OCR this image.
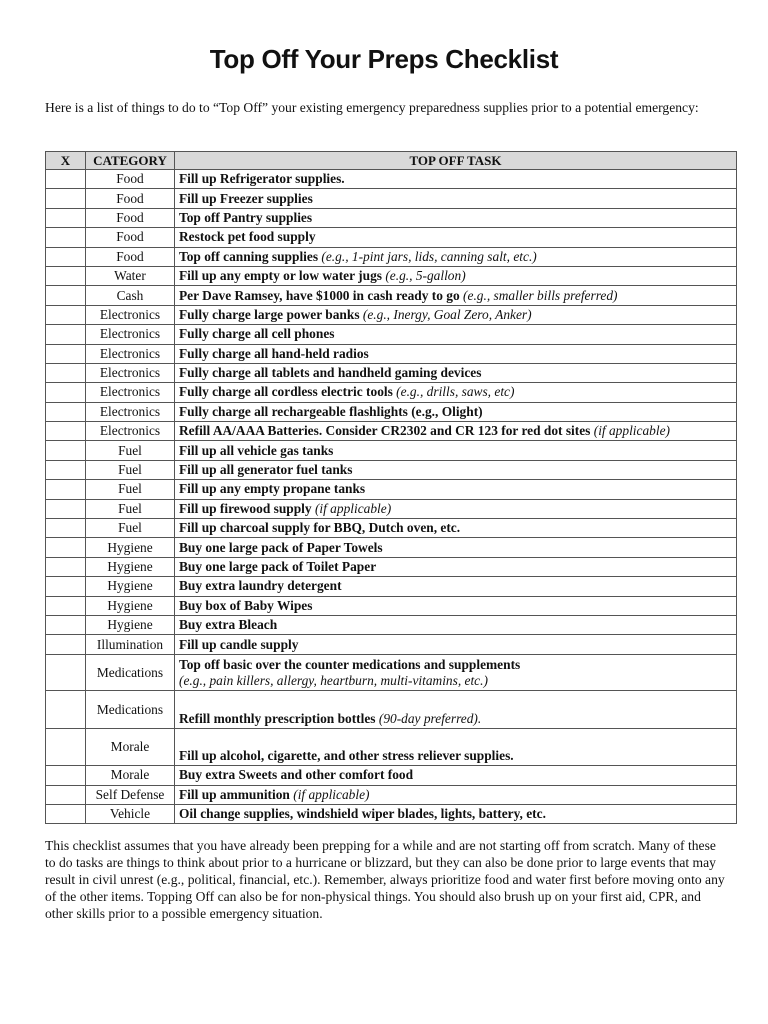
Top Off Your Preps Checklist

Here is a list of things to do to “Top Off” your existing emergency preparedness supplies prior to a potential emergency:

X	CATEGORY	TOP OFF TASK
	Food	Fill up Refrigerator supplies.
	Food	Fill up Freezer supplies
	Food	Top off Pantry supplies
	Food	Restock pet food supply
	Food	Top off canning supplies (e.g., 1-pint jars, lids, canning salt, etc.)
	Water	Fill up any empty or low water jugs (e.g., 5-gallon)
	Cash	Per Dave Ramsey, have $1000 in cash ready to go (e.g., smaller bills preferred)
	Electronics	Fully charge large power banks (e.g., Inergy, Goal Zero, Anker)
	Electronics	Fully charge all cell phones
	Electronics	Fully charge all hand-held radios
	Electronics	Fully charge all tablets and handheld gaming devices
	Electronics	Fully charge all cordless electric tools (e.g., drills, saws, etc)
	Electronics	Fully charge all rechargeable flashlights (e.g., Olight)
	Electronics	Refill AA/AAA Batteries. Consider CR2302 and CR 123 for red dot sites (if applicable)
	Fuel	Fill up all vehicle gas tanks
	Fuel	Fill up all generator fuel tanks
	Fuel	Fill up any empty propane tanks
	Fuel	Fill up firewood supply (if applicable)
	Fuel	Fill up charcoal supply for BBQ, Dutch oven, etc.
	Hygiene	Buy one large pack of Paper Towels
	Hygiene	Buy one large pack of Toilet Paper
	Hygiene	Buy extra laundry detergent
	Hygiene	Buy box of Baby Wipes
	Hygiene	Buy extra Bleach
	Illumination	Fill up candle supply
	Medications	Top off basic over the counter medications and supplements
(e.g., pain killers, allergy, heartburn, multi-vitamins, etc.)
	Medications	Refill monthly prescription bottles (90-day preferred).
	Morale	Fill up alcohol, cigarette, and other stress reliever supplies.
	Morale	Buy extra Sweets and other comfort food
	Self Defense	Fill up ammunition (if applicable)
	Vehicle	Oil change supplies, windshield wiper blades, lights, battery, etc.

This checklist assumes that you have already been prepping for a while and are not starting off from scratch. Many of these to do tasks are things to think about prior to a hurricane or blizzard, but they can also be done prior to large events that may result in civil unrest (e.g., political, financial, etc.). Remember, always prioritize food and water first before moving onto any of the other items. Topping Off can also be for non-physical things. You should also brush up on your first aid, CPR, and other skills prior to a possible emergency situation.
